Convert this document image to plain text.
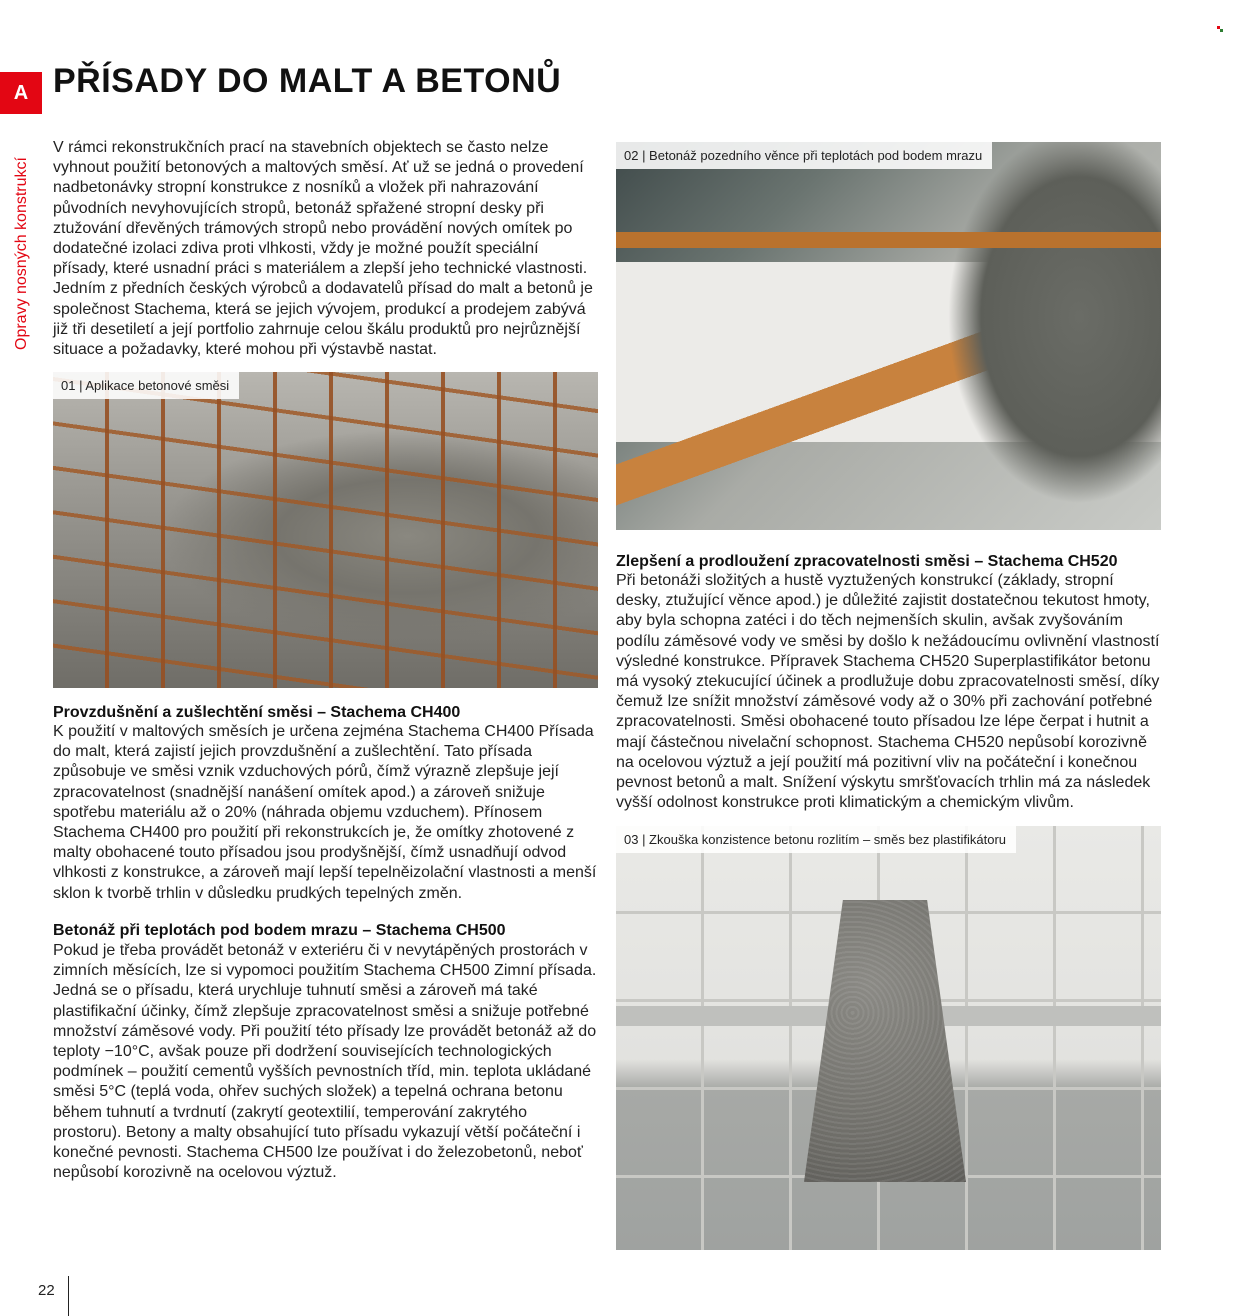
A
Opravy nosných konstrukcí
PŘÍSADY DO MALT A BETONŮ

V rámci rekonstrukčních prací na stavebních objektech se často nelze vyhnout použití betonových a maltových směsí. Ať už se jedná o provedení nadbetonávky stropní konstrukce z nosníků a vložek při nahrazování původních nevyhovujících stropů, betonáž spřažené stropní desky při ztužování dřevěných trámových stropů nebo provádění nových omítek po dodatečné izolaci zdiva proti vlhkosti, vždy je možné použít speciální přísady, které usnadní práci s materiálem a zlepší jeho technické vlastnosti. Jedním z předních českých výrobců a dodavatelů přísad do malt a betonů je společnost Stachema, která se jejich vývojem, produkcí a prodejem zabývá již tři desetiletí a její portfolio zahrnuje celou škálu produktů pro nejrůznější situace a požadavky, které mohou při výstavbě nastat.

01 | Aplikace betonové směsi
02 | Betonáž pozedního věnce při teplotách pod bodem mrazu
03 | Zkouška konzistence betonu rozlitím – směs bez plastifikátoru
Zlepšení a prodloužení zpracovatelnosti směsi – Stachema CH520

Při betonáži složitých a hustě vyztužených konstrukcí (základy, stropní desky, ztužující věnce apod.) je důležité zajistit dostatečnou tekutost hmoty, aby byla schopna zatéci i do těch nejmenších skulin, avšak zvyšováním podílu záměsové vody ve směsi by došlo k nežádoucímu ovlivnění vlastností výsledné konstrukce. Přípravek Stachema CH520 Superplastifikátor betonu má vysoký ztekucující účinek a prodlužuje dobu zpracovatelnosti směsí, díky čemuž lze snížit množství záměsové vody až o 30% při zachování potřebné zpracovatelnosti. Směsi obohacené touto přísadou lze lépe čerpat i hutnit a mají částečnou nivelační schopnost. Stachema CH520 nepůsobí korozivně na ocelovou výztuž a její použití má pozitivní vliv na počáteční i konečnou pevnost betonů a malt. Snížení výskytu smršťovacích trhlin má za následek vyšší odolnost konstrukce proti klimatickým a chemickým vlivům.

Provzdušnění a zušlechtění směsi – Stachema CH400

K použití v maltových směsích je určena zejména Stachema CH400 Přísada do malt, která zajistí jejich provzdušnění a zušlechtění. Tato přísada způsobuje ve směsi vznik vzduchových pórů, čímž výrazně zlepšuje její zpracovatelnost (snadnější nanášení omítek apod.) a zároveň snižuje spotřebu materiálu až o 20% (náhrada objemu vzduchem). Přínosem Stachema CH400 pro použití při rekonstrukcích je, že omítky zhotovené z malty obohacené touto přísadou jsou prodyšnější, čímž usnadňují odvod vlhkosti z konstrukce, a zároveň mají lepší tepelněizolační vlastnosti a menší sklon k tvorbě trhlin v důsledku prudkých tepelných změn.

Betonáž při teplotách pod bodem mrazu – Stachema CH500

Pokud je třeba provádět betonáž v exteriéru či v nevytápěných prostorách v zimních měsících, lze si vypomoci použitím Stachema CH500 Zimní přísada. Jedná se o přísadu, která urychluje tuhnutí směsi a zároveň má také plastifikační účinky, čímž zlepšuje zpracovatelnost směsi a snižuje potřebné množství záměsové vody. Při použití této přísady lze provádět betonáž až do teploty −10°C, avšak pouze při dodržení souvisejících technologických podmínek – použití cementů vyšších pevnostních tříd, min. teplota ukládané směsi 5°C (teplá voda, ohřev suchých složek) a tepelná ochrana betonu během tuhnutí a tvrdnutí (zakrytí geotextilií, temperování zakrytého prostoru). Betony a malty obsahující tuto přísadu vykazují větší počáteční i konečné pevnosti. Stachema CH500 lze používat i do železobetonů, neboť nepůsobí korozivně na ocelovou výztuž.

22
